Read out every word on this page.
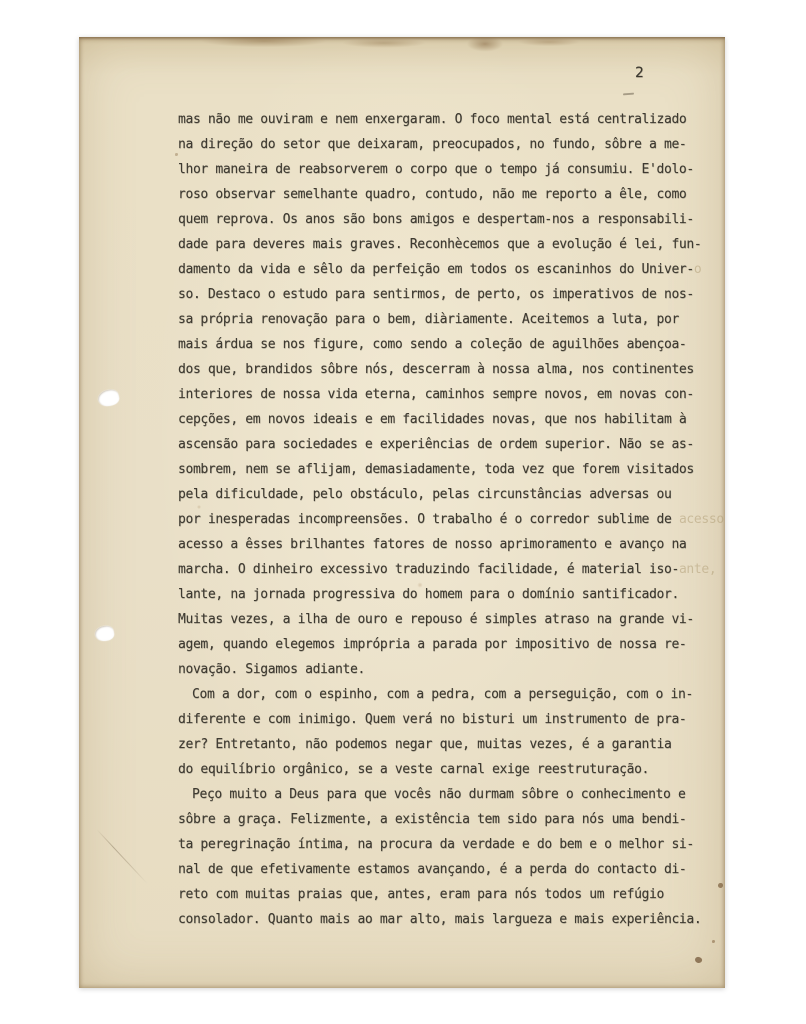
2
mas não me ouviram e nem enxergaram. O foco mental está centralizado
na direção do setor que deixaram, preocupados, no fundo, sôbre a me-
lhor maneira de reabsorverem o corpo que o tempo já consumiu. E'dolo-
roso observar semelhante quadro, contudo, não me reporto a êle, como
quem reprova. Os anos são bons amigos e despertam-nos a responsabili-
dade para deveres mais graves. Reconhècemos que a evolução é lei, fun-
damento da vida e sêlo da perfeição em todos os escaninhos do Univer-o
so. Destaco o estudo para sentirmos, de perto, os imperativos de nos-
sa própria renovação para o bem, diàriamente. Aceitemos a luta, por
mais árdua se nos figure, como sendo a coleção de aguilhões abençoa-
dos que, brandidos sôbre nós, descerram à nossa alma, nos continentes
interiores de nossa vida eterna, caminhos sempre novos, em novas con-
cepções, em novos ideais e em facilidades novas, que nos habilitam à
ascensão para sociedades e experiências de ordem superior. Não se as-
sombrem, nem se aflijam, demasiadamente, toda vez que forem visitados
pela dificuldade, pelo obstáculo, pelas circunstâncias adversas ou
por inesperadas incompreensões. O trabalho é o corredor sublime de acesso
acesso a êsses brilhantes fatores de nosso aprimoramento e avanço na
marcha. O dinheiro excessivo traduzindo facilidade, é material iso-ante,
lante, na jornada progressiva do homem para o domínio santificador.
Muitas vezes, a ilha de ouro e repouso é simples atraso na grande vi-
agem, quando elegemos imprópria a parada por impositivo de nossa re-
novação. Sigamos adiante.
Com a dor, com o espinho, com a pedra, com a perseguição, com o in-
diferente e com inimigo. Quem verá no bisturi um instrumento de pra-
zer? Entretanto, não podemos negar que, muitas vezes, é a garantia
do equilíbrio orgânico, se a veste carnal exige reestruturação.
Peço muito a Deus para que vocês não durmam sôbre o conhecimento e
sôbre a graça. Felizmente, a existência tem sido para nós uma bendi-
ta peregrinação íntima, na procura da verdade e do bem e o melhor si-
nal de que efetivamente estamos avançando, é a perda do contacto di-
reto com muitas praias que, antes, eram para nós todos um refúgio
consolador. Quanto mais ao mar alto, mais largueza e mais experiência.
